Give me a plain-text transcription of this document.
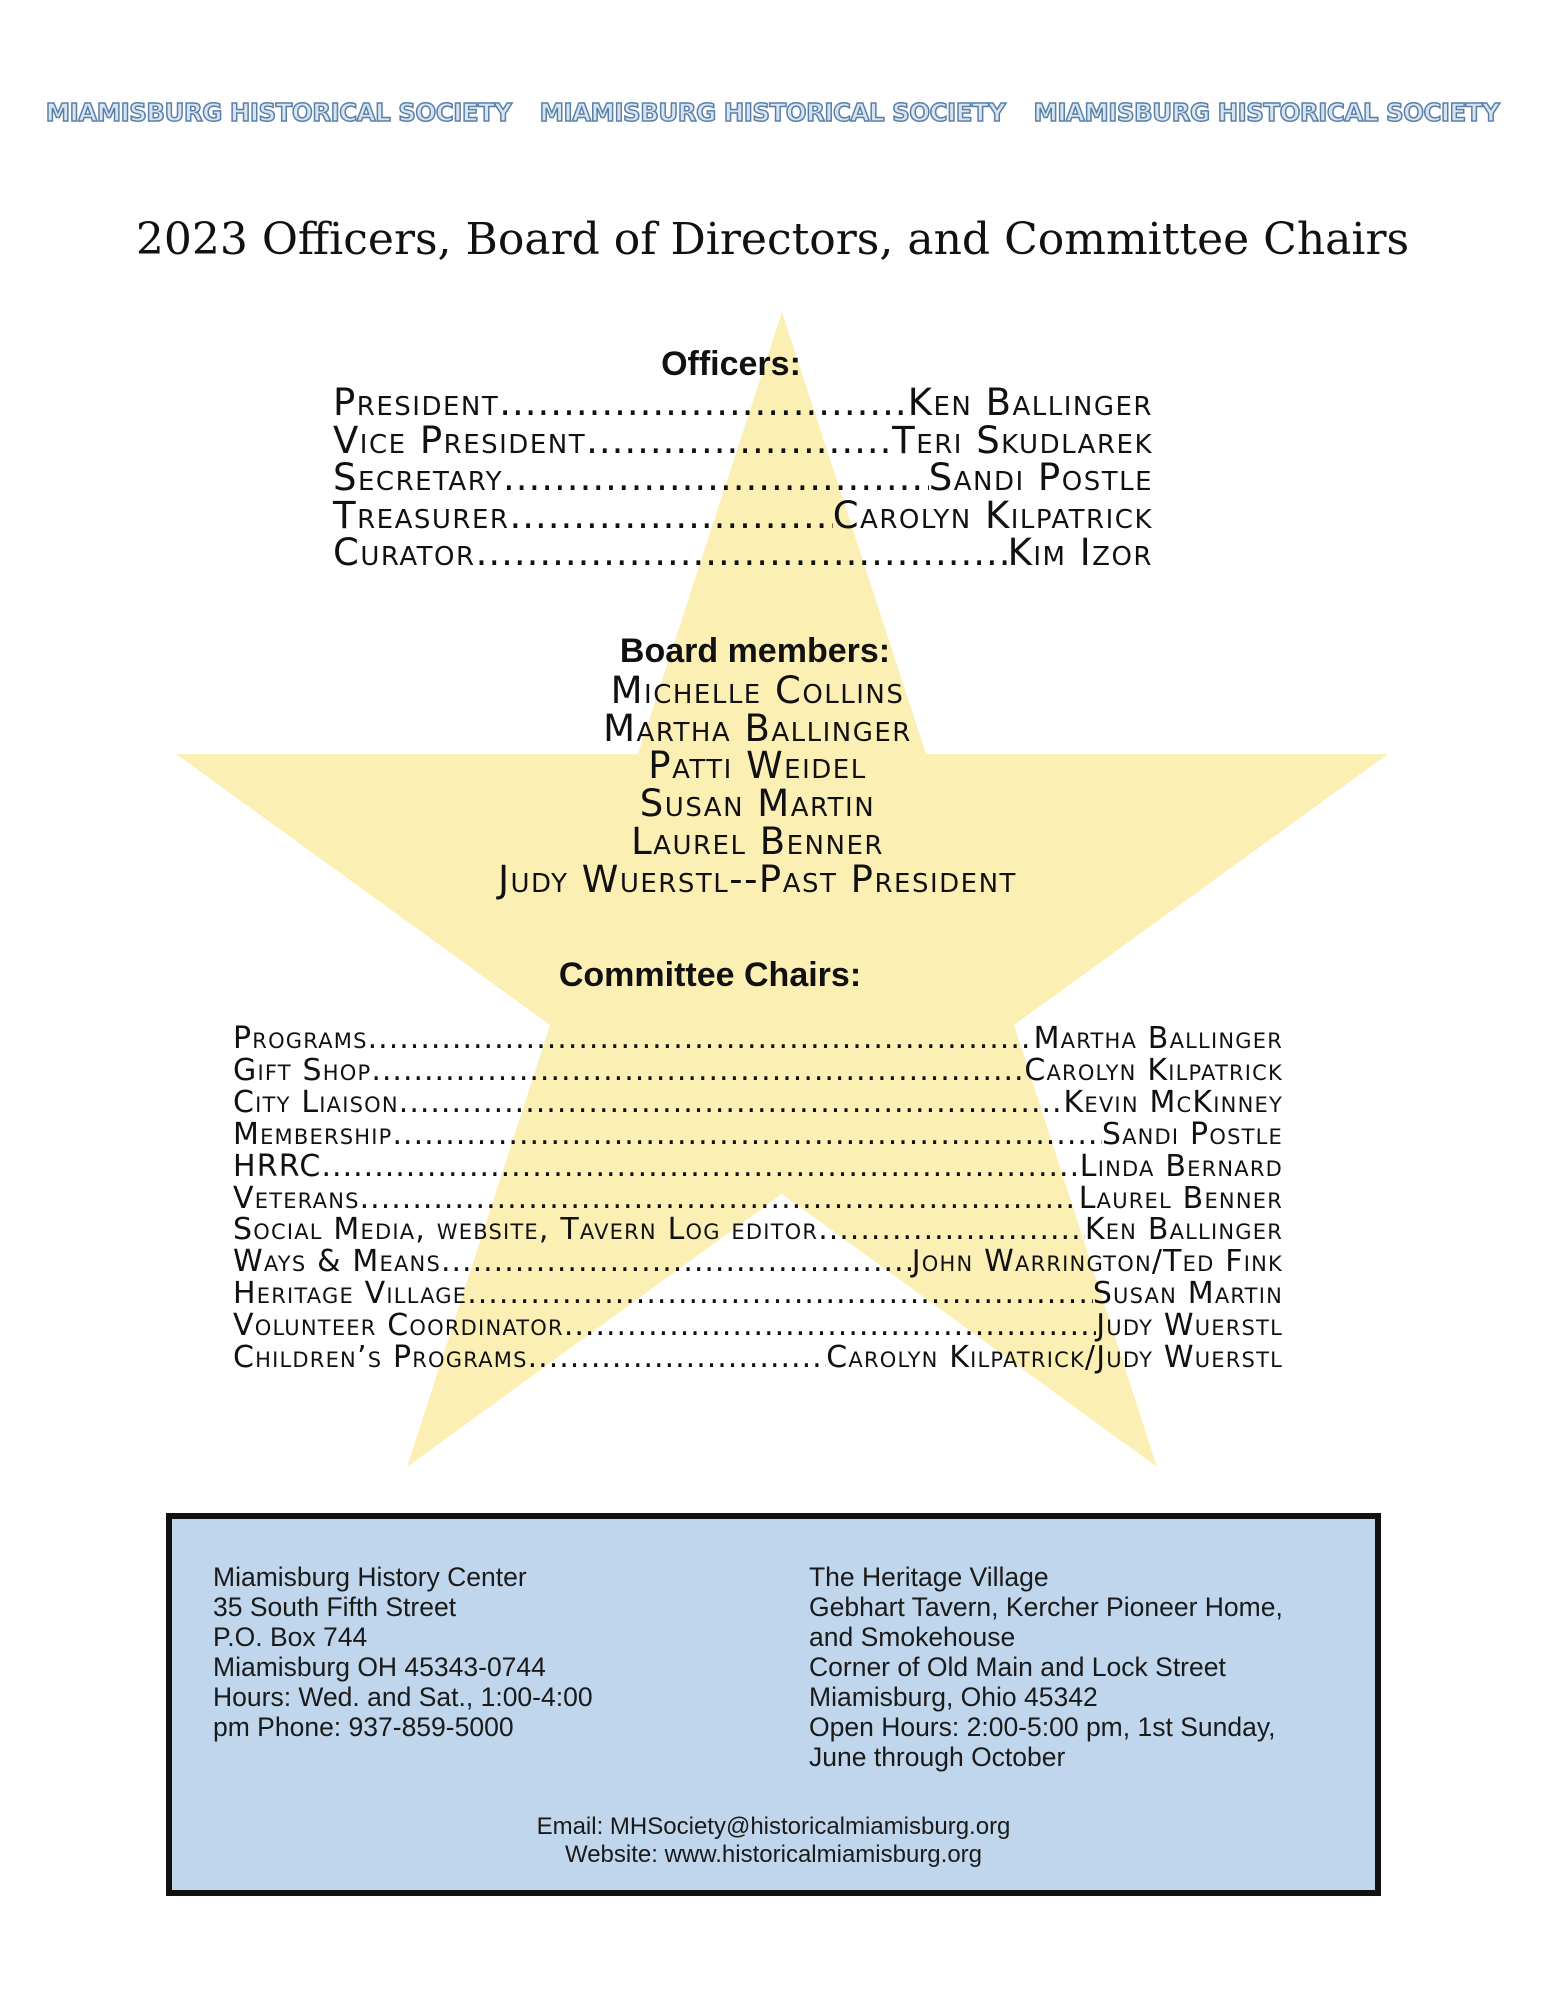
MIAMISBURG HISTORICAL SOCIETY MIAMISBURG HISTORICAL SOCIETY MIAMISBURG HISTORICAL SOCIETY
2023 Officers, Board of Directors, and Committee Chairs
Officers:
President .....	Ken Ballinger
Vice President .....	Teri Skudlarek
Secretary .....	Sandi Postle
Treasurer .....	Carolyn Kilpatrick
Curator .....	Kim Izor
Board members:
Michelle Collins
Martha Ballinger
Patti Weidel
Susan Martin
Laurel Benner
Judy Wuerstl--Past President
Committee Chairs:
Programs .....	Martha Ballinger
Gift Shop .....	Carolyn Kilpatrick
City Liaison .....	Kevin McKinney
Membership .....	Sandi Postle
HRRC .....	Linda Bernard
Veterans .....	Laurel Benner
Social Media, website, Tavern Log editor .....	Ken Ballinger
Ways & Means .....	John Warrington/Ted Fink
Heritage Village .....	Susan Martin
Volunteer Coordinator .....	Judy Wuerstl
Children’s Programs .....	Carolyn Kilpatrick/Judy Wuerstl
Miamisburg History Center
35 South Fifth Street
P.O. Box 744
Miamisburg OH 45343-0744
Hours: Wed. and Sat., 1:00-4:00
pm Phone: 937-859-5000
The Heritage Village
Gebhart Tavern, Kercher Pioneer Home,
and Smokehouse
Corner of Old Main and Lock Street
Miamisburg, Ohio 45342
Open Hours: 2:00-5:00 pm, 1st Sunday,
June through October
Email: MHSociety@historicalmiamisburg.org
Website: www.historicalmiamisburg.org
